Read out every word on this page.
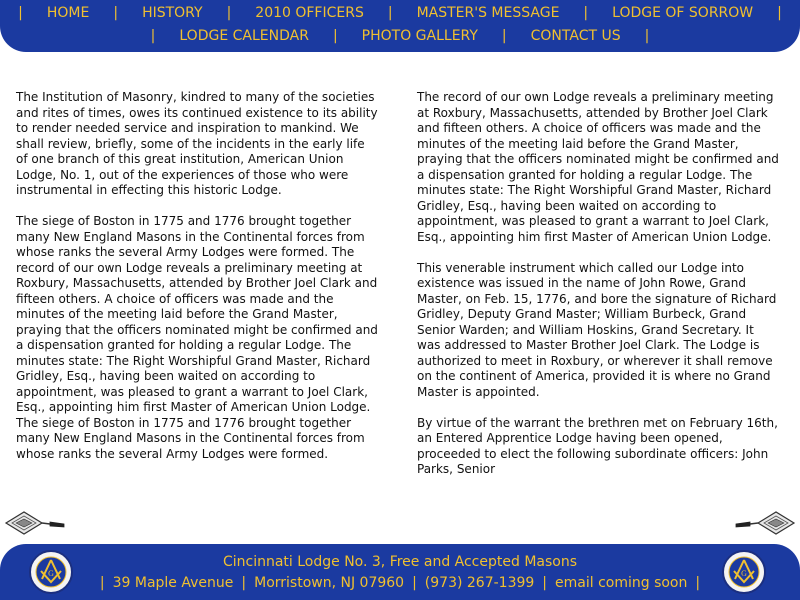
|	HOME	|	HISTORY	|	2010 OFFICERS	|	MASTER'S MESSAGE	|	LODGE OF SORROW	|
|	LODGE CALENDAR	|	PHOTO GALLERY	|	CONTACT US	|

The Institution of Masonry, kindred to many of the societies and rites of times, owes its continued existence to its ability to render needed service and inspiration to mankind. We shall review, briefly, some of the incidents in the early life of one branch of this great institution, American Union Lodge, No. 1, out of the experiences of those who were instrumental in effecting this historic Lodge.

The siege of Boston in 1775 and 1776 brought together many New England Masons in the Continental forces from whose ranks the several Army Lodges were formed. The record of our own Lodge reveals a preliminary meeting at Roxbury, Massachusetts, attended by Brother Joel Clark and fifteen others. A choice of officers was made and the minutes of the meeting laid before the Grand Master, praying that the officers nominated might be confirmed and a dispensation granted for holding a regular Lodge. The minutes state: The Right Worshipful Grand Master, Richard Gridley, Esq., having been waited on according to appointment, was pleased to grant a warrant to Joel Clark, Esq., appointing him first Master of American Union Lodge. The siege of Boston in 1775 and 1776 brought together many New England Masons in the Continental forces from whose ranks the several Army Lodges were formed.

The record of our own Lodge reveals a preliminary meeting at Roxbury, Massachusetts, attended by Brother Joel Clark and fifteen others. A choice of officers was made and the minutes of the meeting laid before the Grand Master, praying that the officers nominated might be confirmed and a dispensation granted for holding a regular Lodge. The minutes state: The Right Worshipful Grand Master, Richard Gridley, Esq., having been waited on according to appointment, was pleased to grant a warrant to Joel Clark, Esq., appointing him first Master of American Union Lodge.

This venerable instrument which called our Lodge into existence was issued in the name of John Rowe, Grand Master, on Feb. 15, 1776, and bore the signature of Richard Gridley, Deputy Grand Master; William Burbeck, Grand Senior Warden; and William Hoskins, Grand Secretary. It was addressed to Master Brother Joel Clark. The Lodge is authorized to meet in Roxbury, or wherever it shall remove on the continent of America, provided it is where no Grand Master is appointed.

By virtue of the warrant the brethren met on February 16th, an Entered Apprentice Lodge having been opened, proceeded to elect the following subordinate officers: John Parks, Senior

Cincinnati Lodge No. 3, Free and Accepted Masons
| 39 Maple Avenue | Morristown, NJ 07960 | (973) 267-1399 | email coming soon |
G	G
